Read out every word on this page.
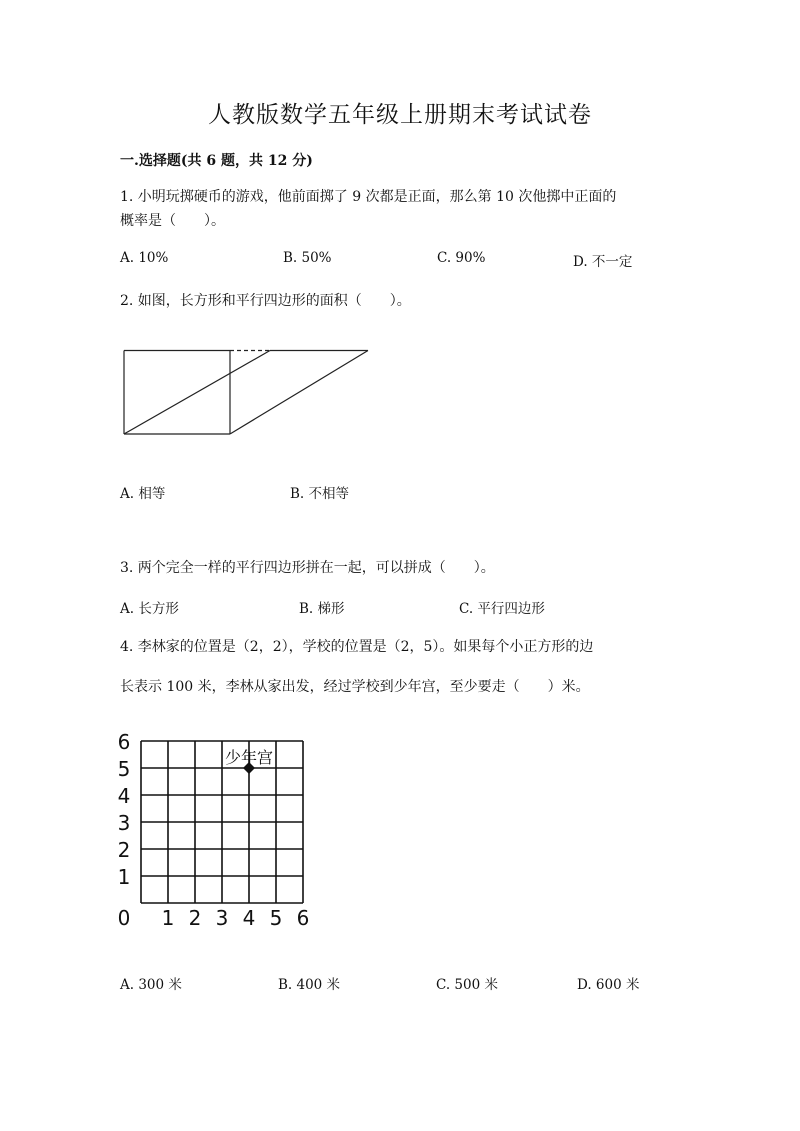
人教版数学五年级上册期末考试试卷
一.选择题(共 6 题，共 12 分)
1. 小明玩掷硬币的游戏，他前面掷了 9 次都是正面，那么第 10 次他掷中正面的
概率是（　　）。
A. 10%	B. 50%	C. 90%	D. 不一定
2. 如图，长方形和平行四边形的面积（　　）。
A. 相等	B. 不相等
3. 两个完全一样的平行四边形拼在一起，可以拼成（　　）。
A. 长方形	B. 梯形	C. 平行四边形
4. 李林家的位置是（2，2），学校的位置是（2，5）。如果每个小正方形的边
长表示 100 米，李林从家出发，经过学校到少年宫，至少要走（　　）米。
1
2
3
4
5
6
0 1 2 3 4 5 6
少年宫
A. 300 米	B. 400 米	C. 500 米	D. 600 米
